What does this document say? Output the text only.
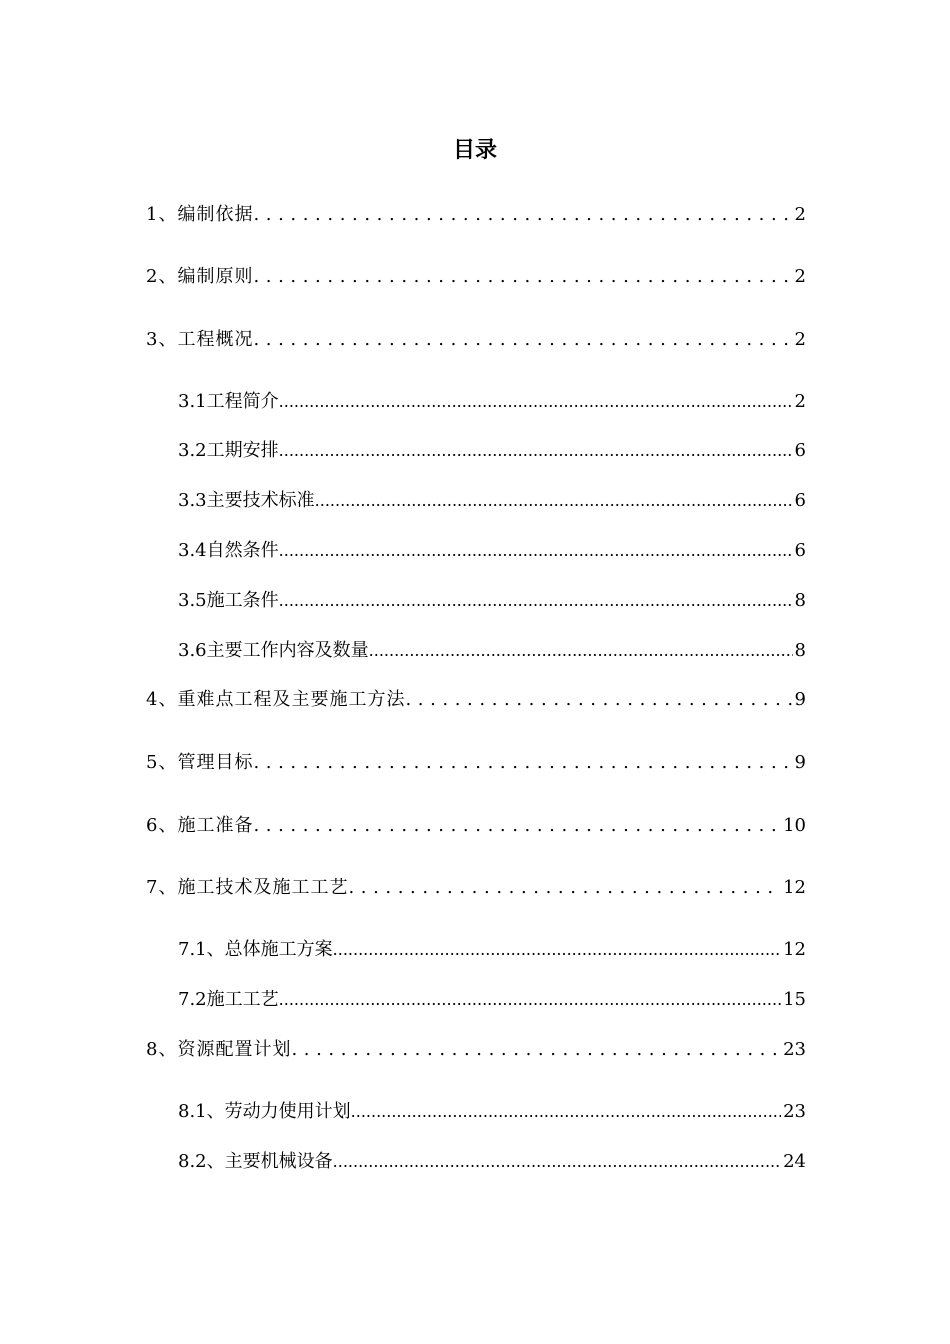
目录
1、编制依据 .....	2
2、编制原则 .....	2
3、工程概况 .....	2
3.1工程简介 .....	2
3.2工期安排 .....	6
3.3主要技术标准 .....	6
3.4自然条件 .....	6
3.5施工条件 .....	8
3.6主要工作内容及数量 .....	8
4、重难点工程及主要施工方法 .....	9
5、管理目标 .....	9
6、施工准备 .....	10
7、施工技术及施工工艺 .....	12
7.1、总体施工方案 .....	12
7.2施工工艺 .....	15
8、资源配置计划 .....	23
8.1、劳动力使用计划 .....	23
8.2、主要机械设备 .....	24
